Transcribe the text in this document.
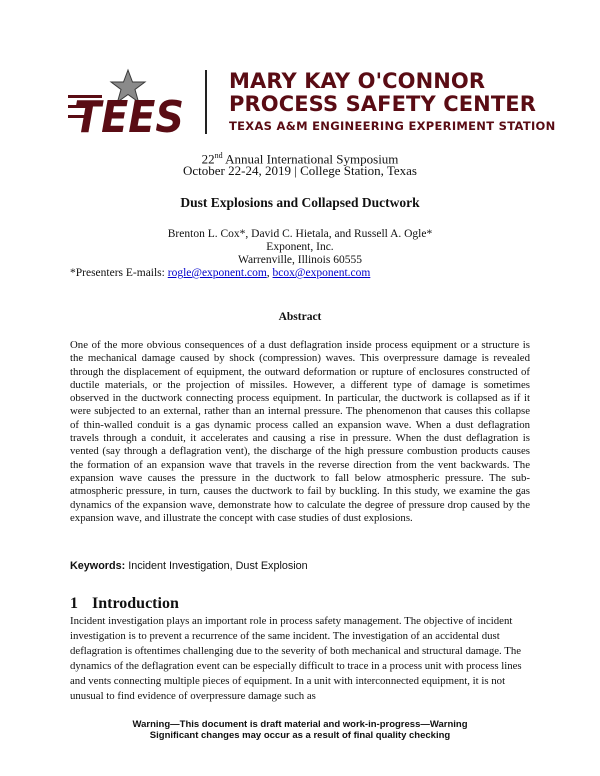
TEES
MARY KAY O'CONNOR
PROCESS SAFETY CENTER
TEXAS A&M ENGINEERING EXPERIMENT STATION
22nd Annual International Symposium
October 22-24, 2019 | College Station, Texas
Dust Explosions and Collapsed Ductwork
Brenton L. Cox*, David C. Hietala, and Russell A. Ogle*
Exponent, Inc.
Warrenville, Illinois 60555
*Presenters E-mails: rogle@exponent.com, bcox@exponent.com
Abstract

One of the more obvious consequences of a dust deflagration inside process equipment or a structure is the mechanical damage caused by shock (compression) waves. This overpressure damage is revealed through the displacement of equipment, the outward deformation or rupture of enclosures constructed of ductile materials, or the projection of missiles. However, a different type of damage is sometimes observed in the ductwork connecting process equipment. In particular, the ductwork is collapsed as if it were subjected to an external, rather than an internal pressure. The phenomenon that causes this collapse of thin-walled conduit is a gas dynamic process called an expansion wave. When a dust deflagration travels through a conduit, it accelerates and causing a rise in pressure. When the dust deflagration is vented (say through a deflagration vent), the discharge of the high pressure combustion products causes the formation of an expansion wave that travels in the reverse direction from the vent backwards. The expansion wave causes the pressure in the ductwork to fall below atmospheric pressure. The sub-atmospheric pressure, in turn, causes the ductwork to fail by buckling. In this study, we examine the gas dynamics of the expansion wave, demonstrate how to calculate the degree of pressure drop caused by the expansion wave, and illustrate the concept with case studies of dust explosions.

Keywords: Incident Investigation, Dust Explosion
1 Introduction

Incident investigation plays an important role in process safety management. The objective of incident investigation is to prevent a recurrence of the same incident. The investigation of an accidental dust deflagration is oftentimes challenging due to the severity of both mechanical and structural damage. The dynamics of the deflagration event can be especially difficult to trace in a process unit with process lines and vents connecting multiple pieces of equipment. In a unit with interconnected equipment, it is not unusual to find evidence of overpressure damage such as

Warning—This document is draft material and work-in-progress—Warning
Significant changes may occur as a result of final quality checking
